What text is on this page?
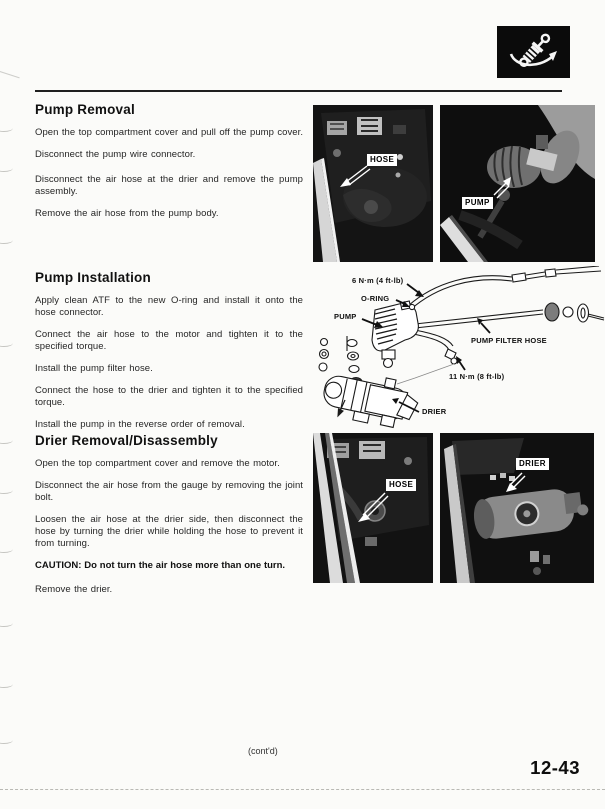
Pump Removal

Open the top compartment cover and pull off the pump cover.

Disconnect the pump wire connector.

Disconnect the air hose at the drier and remove the pump assembly.

Remove the air hose from the pump body.

Pump Installation

Apply clean ATF to the new O-ring and install it onto the hose connector.

Connect the air hose to the motor and tighten it to the specified torque.

Install the pump filter hose.

Connect the hose to the drier and tighten it to the specified torque.

Install the pump in the reverse order of removal.

Drier Removal/Disassembly

Open the top compartment cover and remove the motor.

Disconnect the air hose from the gauge by removing the joint bolt.

Loosen the air hose at the drier side, then disconnect the hose by turning the drier while holding the hose to prevent it from turning.

CAUTION: Do not turn the air hose more than one turn.

Remove the drier.

HOSE
PUMP
6 N·m (4 ft-lb)
O-RING
PUMP
PUMP FILTER HOSE
11 N·m (8 ft-lb)
DRIER
HOSE
DRIER
(cont'd)
12-43
